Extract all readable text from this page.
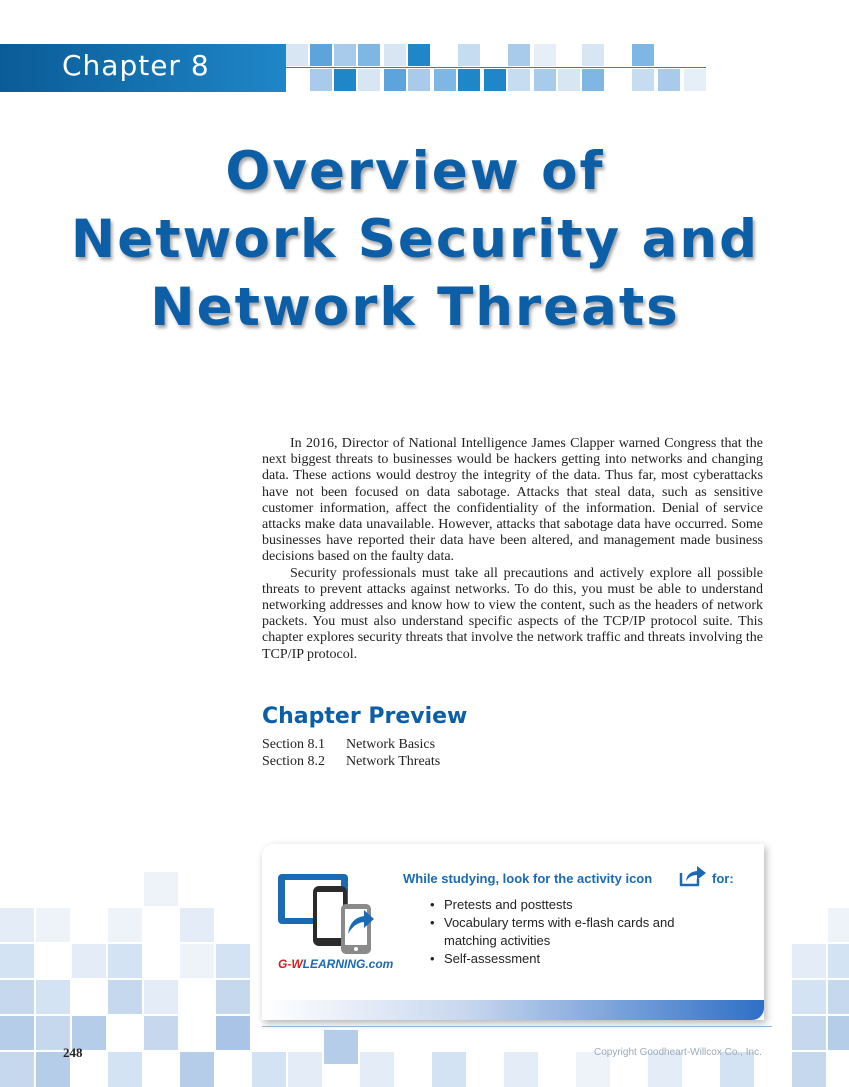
Chapter 8
Overview of
Network Security and
Network Threats

In 2016, Director of National Intelligence James Clapper warned Congress that the next biggest threats to businesses would be hackers getting into networks and changing data. These actions would destroy the integrity of the data. Thus far, most cyberattacks have not been focused on data sabotage. Attacks that steal data, such as sensitive customer information, affect the confidentiality of the information. Denial of service attacks make data unavailable. However, attacks that sabotage data have occurred. Some businesses have reported their data have been altered, and management made business decisions based on the faulty data.

Security professionals must take all precautions and actively explore all possible threats to prevent attacks against networks. To do this, you must be able to understand networking addresses and know how to view the content, such as the headers of network packets. You must also understand specific aspects of the TCP/IP protocol suite. This chapter explores security threats that involve the network traffic and threats involving the TCP/IP protocol.

Chapter Preview
Section 8.1	Network Basics
Section 8.2	Network Threats
G-WLEARNING.com
While studying, look for the activity icon	for:
• Pretests and posttests
• Vocabulary terms with e-flash cards and matching activities
• Self-assessment
248	Copyright Goodheart-Willcox Co., Inc.
